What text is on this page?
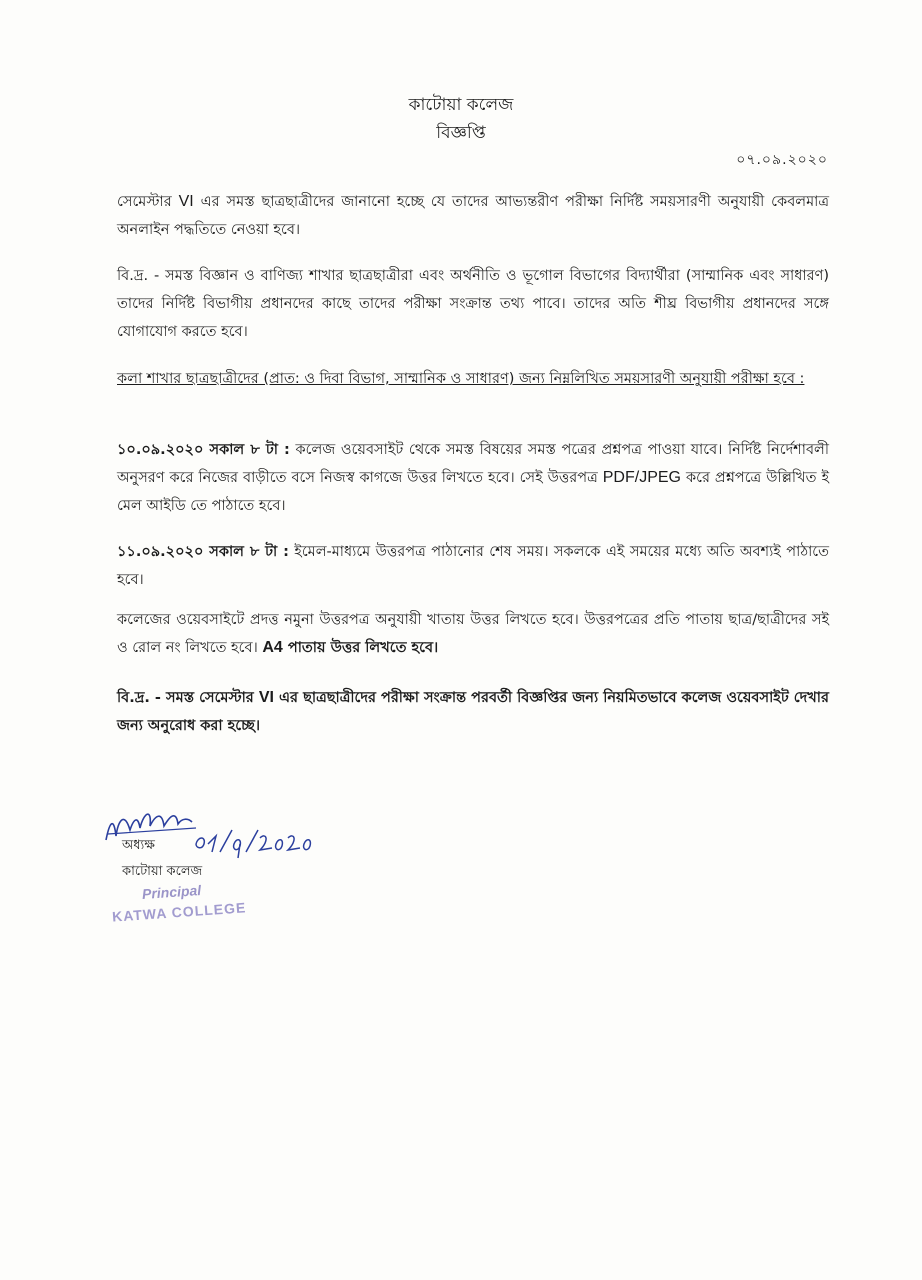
কাটোয়া কলেজ
বিজ্ঞপ্তি
০৭.০৯.২০২০
সেমেস্টার VI এর সমস্ত ছাত্রছাত্রীদের জানানো হচ্ছে যে তাদের আভ্যন্তরীণ পরীক্ষা নির্দিষ্ট সময়সারণী অনুযায়ী কেবলমাত্র অনলাইন পদ্ধতিতে নেওয়া হবে।
বি.দ্র. - সমস্ত বিজ্ঞান ও বাণিজ্য শাখার ছাত্রছাত্রীরা এবং অর্থনীতি ও ভূগোল বিভাগের বিদ্যার্থীরা (সাম্মানিক এবং সাধারণ) তাদের নির্দিষ্ট বিভাগীয় প্রধানদের কাছে তাদের পরীক্ষা সংক্রান্ত তথ্য পাবে। তাদের অতি শীঘ্র বিভাগীয় প্রধানদের সঙ্গে যোগাযোগ করতে হবে।
কলা শাখার ছাত্রছাত্রীদের (প্রাত: ও দিবা বিভাগ, সাম্মানিক ও সাধারণ) জন্য নিম্নলিখিত সময়সারণী অনুযায়ী পরীক্ষা হবে :
১০.০৯.২০২০ সকাল ৮ টা : কলেজ ওয়েবসাইট থেকে সমস্ত বিষয়ের সমস্ত পত্রের প্রশ্নপত্র পাওয়া যাবে। নির্দিষ্ট নির্দেশাবলী অনুসরণ করে নিজের বাড়ীতে বসে নিজস্ব কাগজে উত্তর লিখতে হবে। সেই উত্তরপত্র PDF/JPEG করে প্রশ্নপত্রে উল্লিখিত ই মেল আইডি তে পাঠাতে হবে।
১১.০৯.২০২০ সকাল ৮ টা : ইমেল-মাধ্যমে উত্তরপত্র পাঠানোর শেষ সময়। সকলকে এই সময়ের মধ্যে অতি অবশ্যই পাঠাতে হবে।
কলেজের ওয়েবসাইটে প্রদত্ত নমুনা উত্তরপত্র অনুযায়ী খাতায় উত্তর লিখতে হবে। উত্তরপত্রের প্রতি পাতায় ছাত্র/ছাত্রীদের সই ও রোল নং লিখতে হবে। A4 পাতায় উত্তর লিখতে হবে।
বি.দ্র. - সমস্ত সেমেস্টার VI এর ছাত্রছাত্রীদের পরীক্ষা সংক্রান্ত পরবর্তী বিজ্ঞপ্তির জন্য নিয়মিতভাবে কলেজ ওয়েবসাইট দেখার জন্য অনুরোধ করা হচ্ছে।
অধ্যক্ষ
কাটোয়া কলেজ
Principal
KATWA COLLEGE
